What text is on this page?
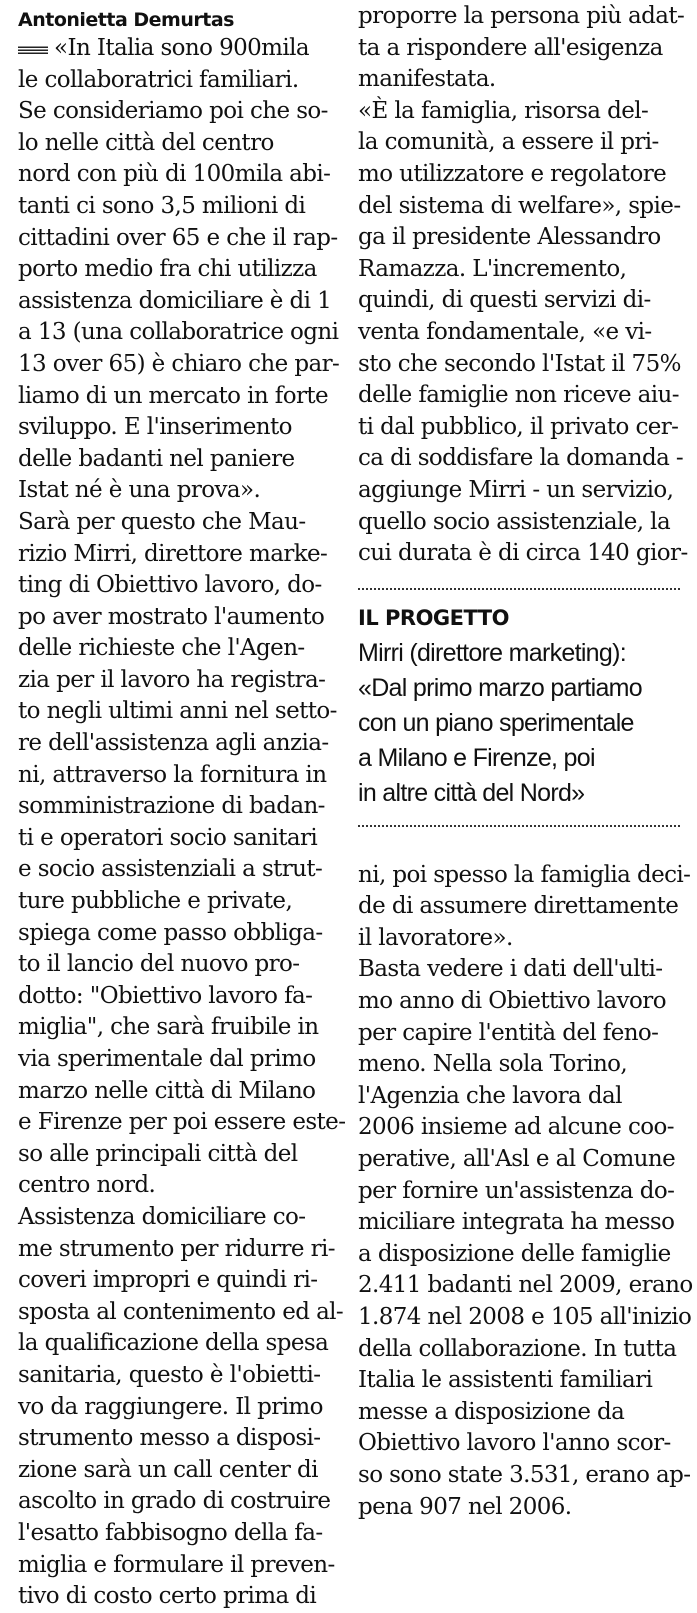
Antonietta Demurtas
«In Italia sono 900mila
le collaboratrici familiari.
Se consideriamo poi che so-
lo nelle città del centro
nord con più di 100mila abi-
tanti ci sono 3,5 milioni di
cittadini over 65 e che il rap-
porto medio fra chi utilizza
assistenza domiciliare è di 1
a 13 (una collaboratrice ogni
13 over 65) è chiaro che par-
liamo di un mercato in forte
sviluppo. E l'inserimento
delle badanti nel paniere
Istat né è una prova».
Sarà per questo che Mau-
rizio Mirri, direttore marke-
ting di Obiettivo lavoro, do-
po aver mostrato l'aumento
delle richieste che l'Agen-
zia per il lavoro ha registra-
to negli ultimi anni nel setto-
re dell'assistenza agli anzia-
ni, attraverso la fornitura in
somministrazione di badan-
ti e operatori socio sanitari
e socio assistenziali a strut-
ture pubbliche e private,
spiega come passo obbliga-
to il lancio del nuovo pro-
dotto: "Obiettivo lavoro fa-
miglia", che sarà fruibile in
via sperimentale dal primo
marzo nelle città di Milano
e Firenze per poi essere este-
so alle principali città del
centro nord.
Assistenza domiciliare co-
me strumento per ridurre ri-
coveri impropri e quindi ri-
sposta al contenimento ed al-
la qualificazione della spesa
sanitaria, questo è l'obietti-
vo da raggiungere. Il primo
strumento messo a disposi-
zione sarà un call center di
ascolto in grado di costruire
l'esatto fabbisogno della fa-
miglia e formulare il preven-
tivo di costo certo prima di
proporre la persona più adat-
ta a rispondere all'esigenza
manifestata.
«È la famiglia, risorsa del-
la comunità, a essere il pri-
mo utilizzatore e regolatore
del sistema di welfare», spie-
ga il presidente Alessandro
Ramazza. L'incremento,
quindi, di questi servizi di-
venta fondamentale, «e vi-
sto che secondo l'Istat il 75%
delle famiglie non riceve aiu-
ti dal pubblico, il privato cer-
ca di soddisfare la domanda -
aggiunge Mirri - un servizio,
quello socio assistenziale, la
cui durata è di circa 140 gior-
IL PROGETTO
Mirri (direttore marketing):
«Dal primo marzo partiamo
con un piano sperimentale
a Milano e Firenze, poi
in altre città del Nord»
ni, poi spesso la famiglia deci-
de di assumere direttamente
il lavoratore».
Basta vedere i dati dell'ulti-
mo anno di Obiettivo lavoro
per capire l'entità del feno-
meno. Nella sola Torino,
l'Agenzia che lavora dal
2006 insieme ad alcune coo-
perative, all'Asl e al Comune
per fornire un'assistenza do-
miciliare integrata ha messo
a disposizione delle famiglie
2.411 badanti nel 2009, erano
1.874 nel 2008 e 105 all'inizio
della collaborazione. In tutta
Italia le assistenti familiari
messe a disposizione da
Obiettivo lavoro l'anno scor-
so sono state 3.531, erano ap-
pena 907 nel 2006.
